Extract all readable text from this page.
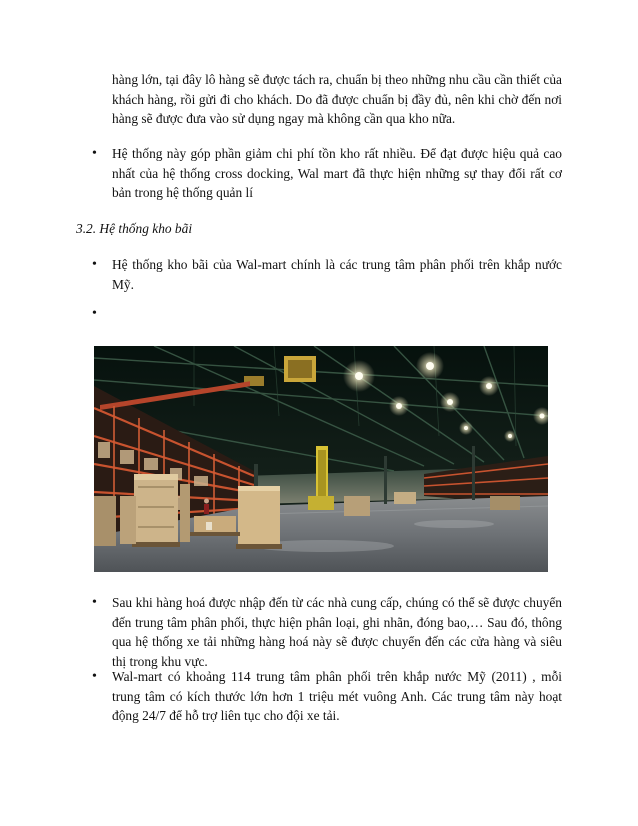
hàng lớn, tại đây lô hàng sẽ được tách ra, chuẩn bị theo những nhu cầu cần thiết của khách hàng, rồi gửi đi cho khách. Do đã được chuẩn bị đầy đủ, nên khi chờ đến nơi hàng sẽ được đưa vào sử dụng ngay mà không cần qua kho nữa.

• Hệ thống này góp phần giảm chi phí tồn kho rất nhiều. Để đạt được hiệu quả cao nhất của hệ thống cross docking, Wal mart đã thực hiện những sự thay đổi rất cơ bản trong hệ thống quản lí

3.2. Hệ thống kho bãi

• Hệ thống kho bãi của Wal-mart chính là các trung tâm phân phối trên khắp nước Mỹ.

•
• Sau khi hàng hoá được nhập đến từ các nhà cung cấp, chúng có thể sẽ được chuyển đến trung tâm phân phối, thực hiện phân loại, ghi nhãn, đóng bao,… Sau đó, thông qua hệ thống xe tải những hàng hoá này sẽ được chuyển đến các cửa hàng và siêu thị trong khu vực.

• Wal-mart có khoảng 114 trung tâm phân phối trên khắp nước Mỹ (2011) , mỗi trung tâm có kích thước lớn hơn 1 triệu mét vuông Anh. Các trung tâm này hoạt động 24/7 để hỗ trợ liên tục cho đội xe tải.
